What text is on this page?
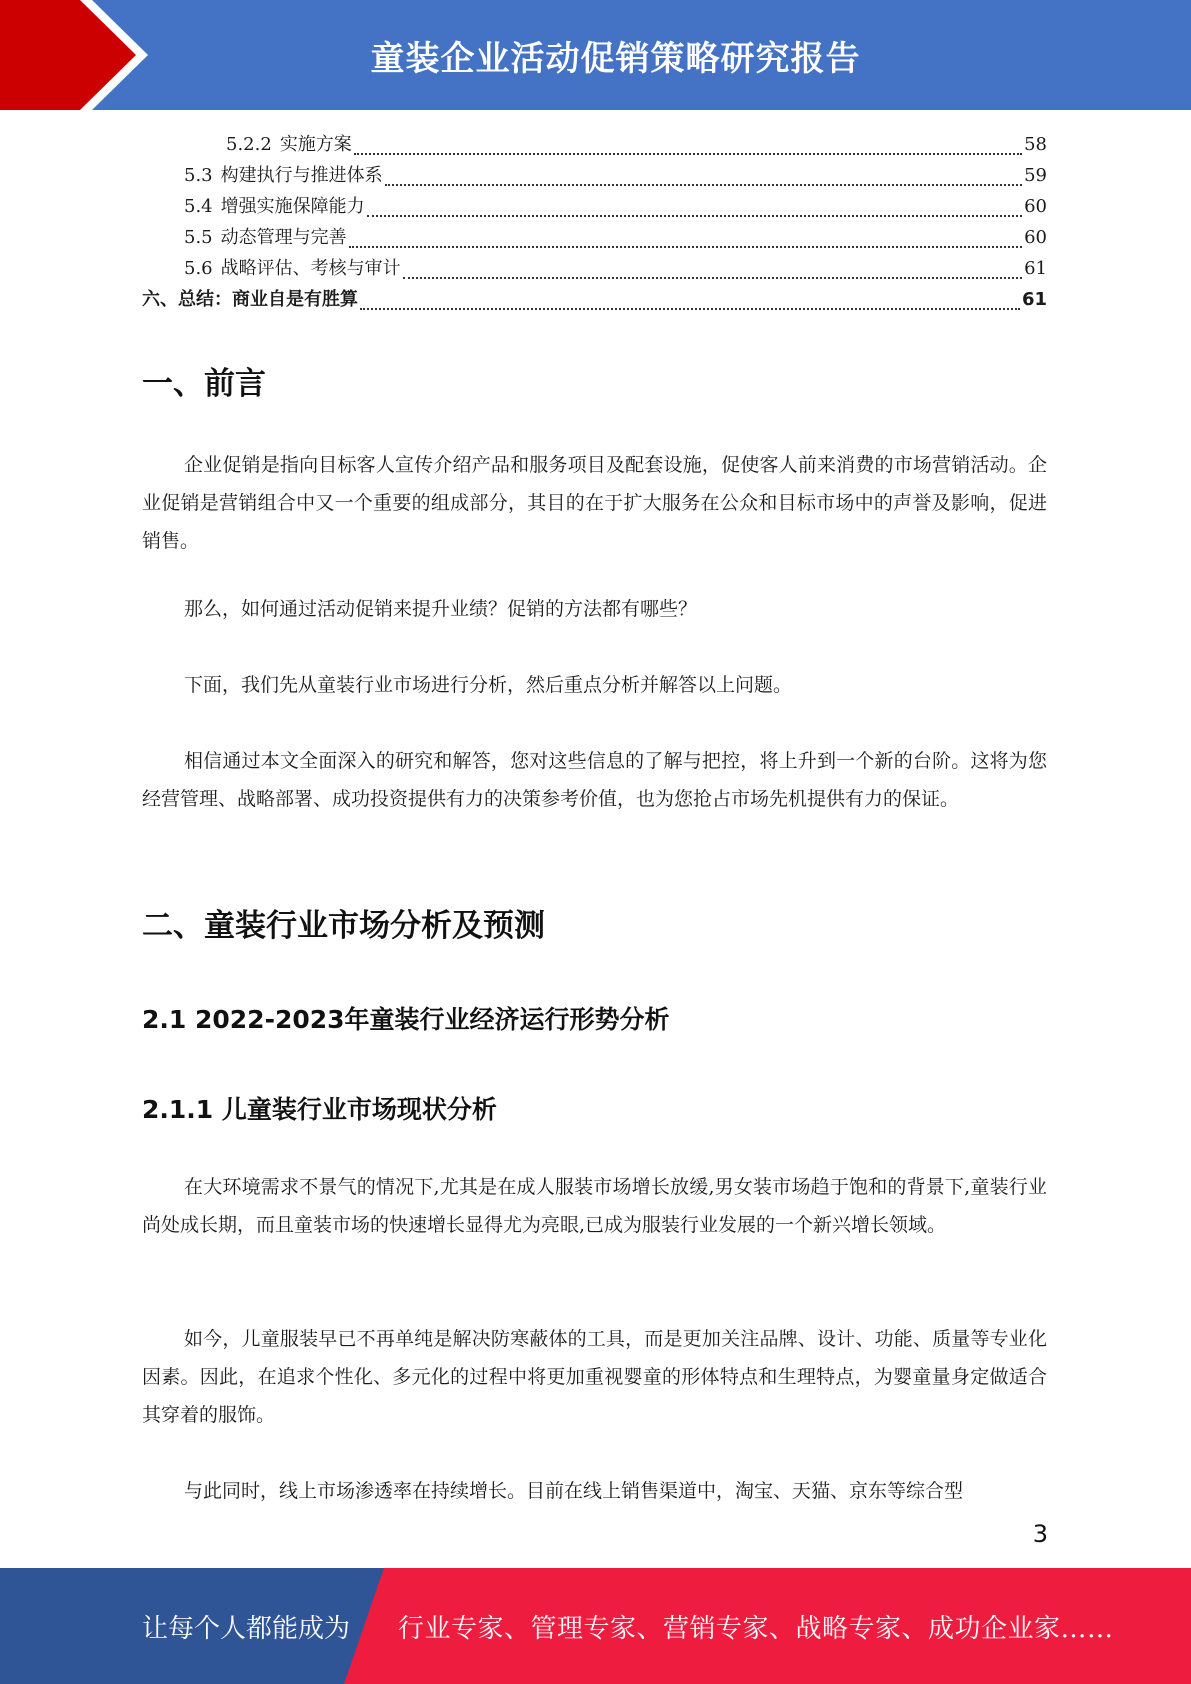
童装企业活动促销策略研究报告
5.2.2 实施方案	58
5.3 构建执行与推进体系	59
5.4 增强实施保障能力	60
5.5 动态管理与完善	60
5.6 战略评估、考核与审计	61
六、总结：商业自是有胜算	61
一、前言

企业促销是指向目标客人宣传介绍产品和服务项目及配套设施，促使客人前来消费的市场营销活动。企业促销是营销组合中又一个重要的组成部分，其目的在于扩大服务在公众和目标市场中的声誉及影响，促进销售。

那么，如何通过活动促销来提升业绩？促销的方法都有哪些？

下面，我们先从童装行业市场进行分析，然后重点分析并解答以上问题。

相信通过本文全面深入的研究和解答，您对这些信息的了解与把控，将上升到一个新的台阶。这将为您经营管理、战略部署、成功投资提供有力的决策参考价值，也为您抢占市场先机提供有力的保证。

二、童装行业市场分析及预测
2.1 2022-2023年童装行业经济运行形势分析
2.1.1 儿童装行业市场现状分析

在大环境需求不景气的情况下,尤其是在成人服装市场增长放缓,男女装市场趋于饱和的背景下,童装行业尚处成长期，而且童装市场的快速增长显得尤为亮眼,已成为服装行业发展的一个新兴增长领域。

如今，儿童服装早已不再单纯是解决防寒蔽体的工具，而是更加关注品牌、设计、功能、质量等专业化因素。因此，在追求个性化、多元化的过程中将更加重视婴童的形体特点和生理特点，为婴童量身定做适合其穿着的服饰。

与此同时，线上市场渗透率在持续增长。目前在线上销售渠道中，淘宝、天猫、京东等综合型

3
让每个人都能成为 行业专家、管理专家、营销专家、战略专家、成功企业家……
